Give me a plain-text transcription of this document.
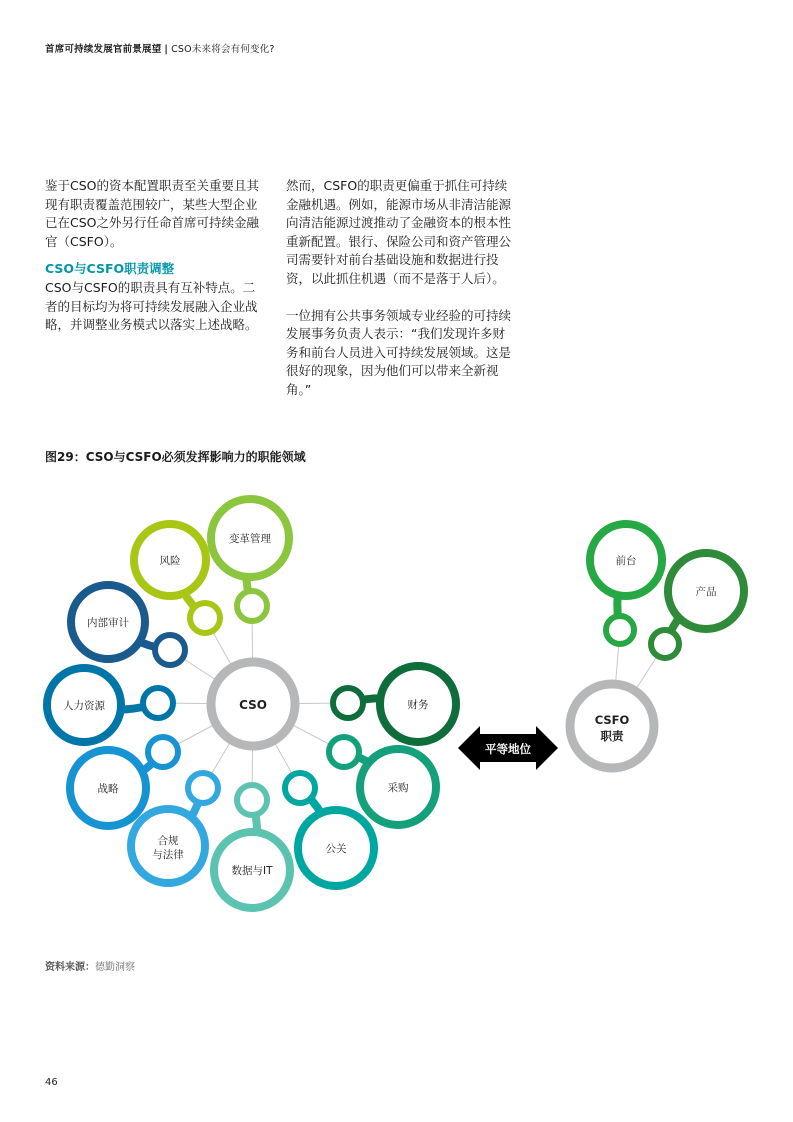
首席可持续发展官前景展望 | CSO未来将会有何变化?

鉴于CSO的资本配置职责至关重要且其现有职责覆盖范围较广，某些大型企业已在CSO之外另行任命首席可持续金融官（CSFO）。

CSO与CSFO职责调整

CSO与CSFO的职责具有互补特点。二者的目标均为将可持续发展融入企业战略，并调整业务模式以落实上述战略。

然而，CSFO的职责更偏重于抓住可持续金融机遇。例如，能源市场从非清洁能源向清洁能源过渡推动了金融资本的根本性重新配置。银行、保险公司和资产管理公司需要针对前台基础设施和数据进行投资，以此抓住机遇（而不是落于人后）。

一位拥有公共事务领域专业经验的可持续发展事务负责人表示：“我们发现许多财务和前台人员进入可持续发展领域。这是很好的现象，因为他们可以带来全新视角。”

图29：CSO与CSFO必须发挥影响力的职能领域
风险
变革管理
内部审计
人力资源
战略
合规
与法律
数据与IT
公关
采购
财务
CSO
平等地位
前台
产品
CSFO
职责
资料来源：德勤洞察
46
